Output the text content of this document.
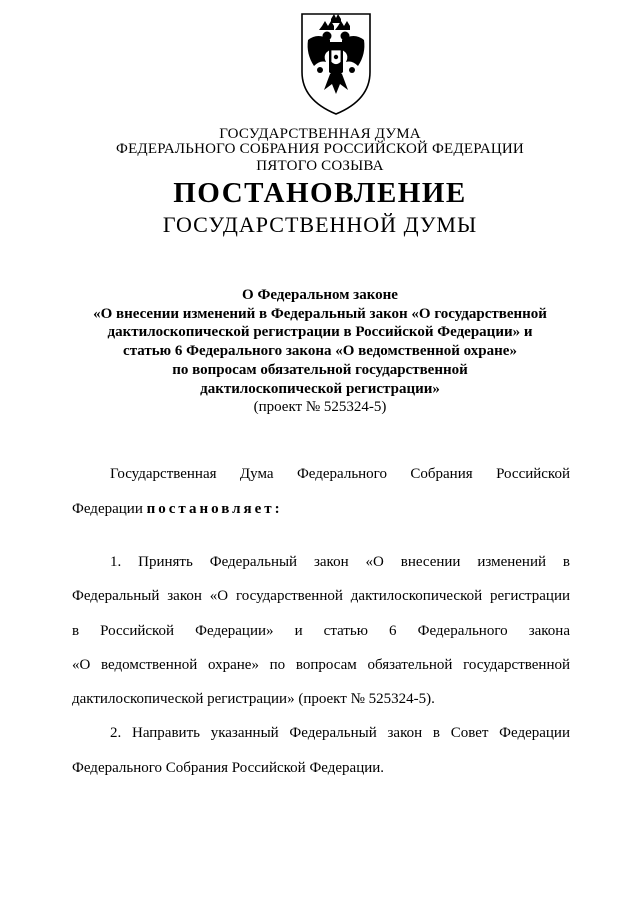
ГОСУДАРСТВЕННАЯ ДУМА
ФЕДЕРАЛЬНОГО СОБРАНИЯ РОССИЙСКОЙ ФЕДЕРАЦИИ
ПЯТОГО СОЗЫВА
ПОСТАНОВЛЕНИЕ
ГОСУДАРСТВЕННОЙ ДУМЫ
О Федеральном законе
«О внесении изменений в Федеральный закон «О государственной
дактилоскопической регистрации в Российской Федерации» и
статью 6 Федерального закона «О ведомственной охране»
по вопросам обязательной государственной
дактилоскопической регистрации»
(проект № 525324-5)
Государственная Дума Федерального Собрания Российской
Федерации постановляет:
1. Принять Федеральный закон «О внесении изменений в
Федеральный закон «О государственной дактилоскопической регистрации
в Российской Федерации» и статью 6 Федерального закона
«О ведомственной охране» по вопросам обязательной государственной
дактилоскопической регистрации» (проект № 525324-5).
2. Направить указанный Федеральный закон в Совет Федерации
Федерального Собрания Российской Федерации.
